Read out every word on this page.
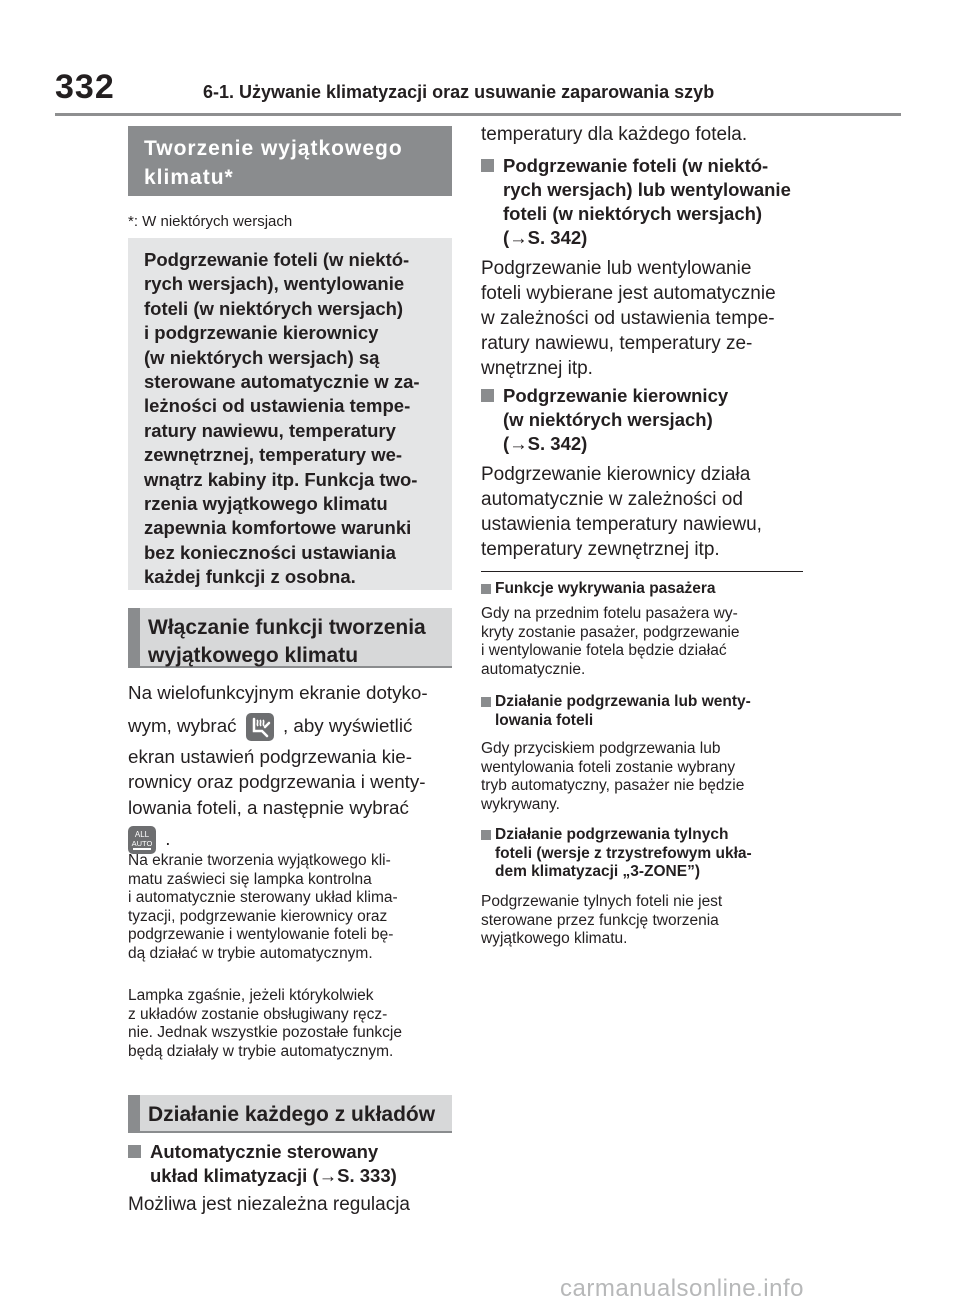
332	6-1. Używanie klimatyzacji oraz usuwanie zaparowania szyb
Tworzenie wyjątkowego
klimatu*
*: W niektórych wersjach
Podgrzewanie foteli (w niektó-
rych wersjach), wentylowanie
foteli (w niektórych wersjach)
i podgrzewanie kierownicy
(w niektórych wersjach) są
sterowane automatycznie w za-
leżności od ustawienia tempe-
ratury nawiewu, temperatury
zewnętrznej, temperatury we-
wnątrz kabiny itp. Funkcja two-
rzenia wyjątkowego klimatu
zapewnia komfortowe warunki
bez konieczności ustawiania
każdej funkcji z osobna.
Włączanie funkcji tworzenia
wyjątkowego klimatu
Na wielofunkcyjnym ekranie dotyko-
wym, wybrać , aby wyświetlić
ekran ustawień podgrzewania kie-
rownicy oraz podgrzewania i wenty-
lowania foteli, a następnie wybrać
ALL
AUTO .
Na ekranie tworzenia wyjątkowego kli-
matu zaświeci się lampka kontrolna
i automatycznie sterowany układ klima-
tyzacji, podgrzewanie kierownicy oraz
podgrzewanie i wentylowanie foteli bę-
dą działać w trybie automatycznym.
Lampka zgaśnie, jeżeli którykolwiek
z układów zostanie obsługiwany ręcz-
nie. Jednak wszystkie pozostałe funkcje
będą działały w trybie automatycznym.
Działanie każdego z układów
Automatycznie sterowany
układ klimatyzacji (→S. 333)
Możliwa jest niezależna regulacja
temperatury dla każdego fotela.
Podgrzewanie foteli (w niektó-
rych wersjach) lub wentylowanie
foteli (w niektórych wersjach)
(→S. 342)
Podgrzewanie lub wentylowanie
foteli wybierane jest automatycznie
w zależności od ustawienia tempe-
ratury nawiewu, temperatury ze-
wnętrznej itp.
Podgrzewanie kierownicy
(w niektórych wersjach)
(→S. 342)
Podgrzewanie kierownicy działa
automatycznie w zależności od
ustawienia temperatury nawiewu,
temperatury zewnętrznej itp.
Funkcje wykrywania pasażera
Gdy na przednim fotelu pasażera wy-
kryty zostanie pasażer, podgrzewanie
i wentylowanie fotela będzie działać
automatycznie.
Działanie podgrzewania lub wenty-
lowania foteli
Gdy przyciskiem podgrzewania lub
wentylowania foteli zostanie wybrany
tryb automatyczny, pasażer nie będzie
wykrywany.
Działanie podgrzewania tylnych
foteli (wersje z trzystrefowym ukła-
dem klimatyzacji „3-ZONE”)
Podgrzewanie tylnych foteli nie jest
sterowane przez funkcję tworzenia
wyjątkowego klimatu.
carmanualsonline.info
